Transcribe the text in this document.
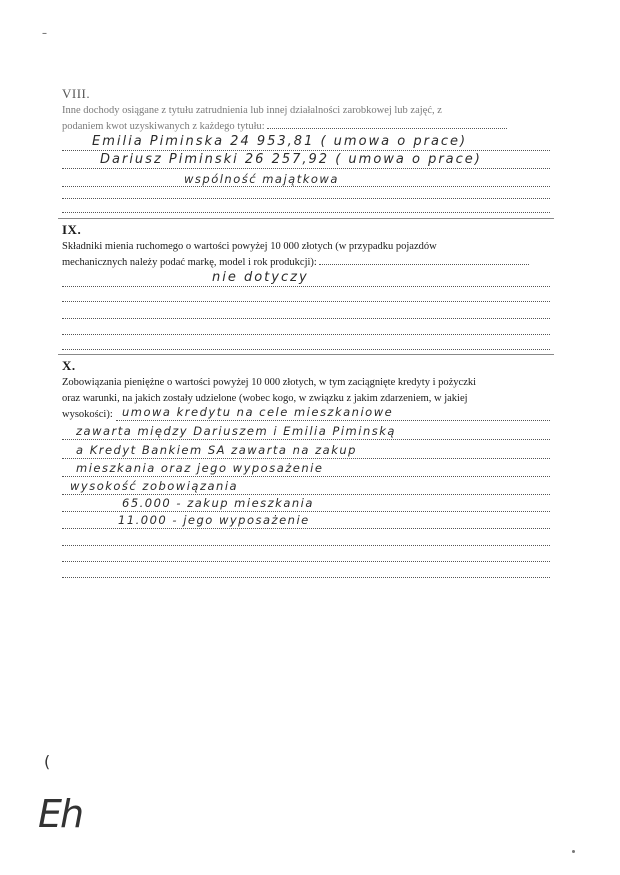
–
VIII.
Inne dochody osiągane z tytułu zatrudnienia lub innej działalności zarobkowej lub zajęć, z
podaniem kwot uzyskiwanych z każdego tytułu:
Emilia Piminska 24 953,81 ( umowa o prace)
Dariusz Piminski 26 257,92 ( umowa o prace)
wspólność majątkowa
IX.
Składniki mienia ruchomego o wartości powyżej 10 000 złotych (w przypadku pojazdów
mechanicznych należy podać markę, model i rok produkcji):
nie dotyczy
X.
Zobowiązania pieniężne o wartości powyżej 10 000 złotych, w tym zaciągnięte kredyty i pożyczki
oraz warunki, na jakich zostały udzielone (wobec kogo, w związku z jakim zdarzeniem, w jakiej
wysokości): umowa kredytu na cele mieszkaniowe
zawarta między Dariuszem i Emilia Piminską
a Kredyt Bankiem SA zawarta na zakup
mieszkania oraz jego wyposażenie
wysokość zobowiązania
65.000 - zakup mieszkania
11.000 - jego wyposażenie
(
Eh
